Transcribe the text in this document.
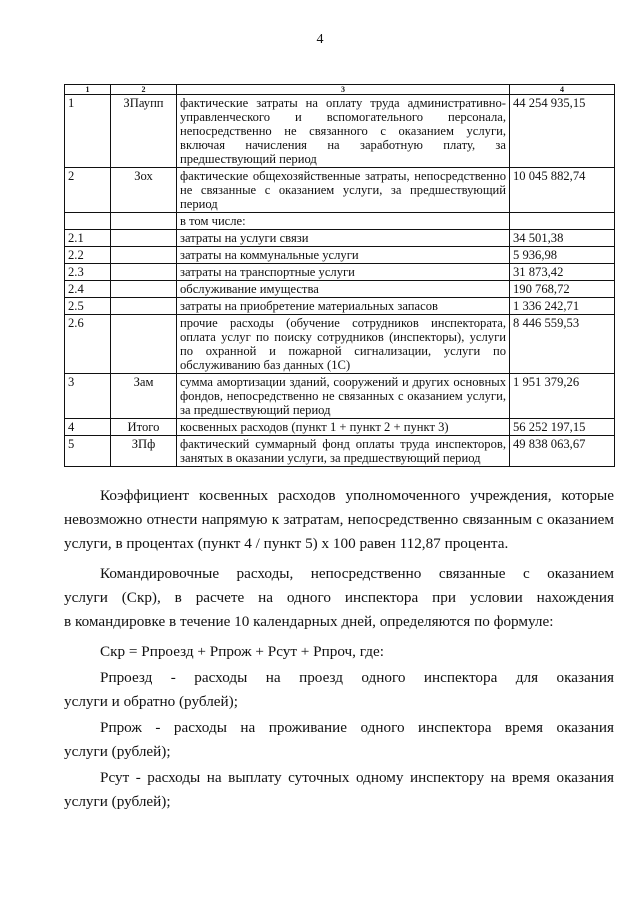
4
1	2	3	4
1	ЗПаупп	фактические затраты на оплату труда административно-управленческого и вспомогательного персонала, непосредственно не связанного с оказанием услуги, включая начисления на заработную плату, за предшествующий период	44 254 935,15
2	Зох	фактические общехозяйственные затраты, непосредственно не связанные с оказанием услуги, за предшествующий период	10 045 882,74
		в том числе:	
2.1		затраты на услуги связи	34 501,38
2.2		затраты на коммунальные услуги	5 936,98
2.3		затраты на транспортные услуги	31 873,42
2.4		обслуживание имущества	190 768,72
2.5		затраты на приобретение материальных запасов	1 336 242,71
2.6		прочие расходы (обучение сотрудников инспектората, оплата услуг по поиску сотрудников (инспекторы), услуги по охранной и пожарной сигнализации, услуги по обслуживанию баз данных (1С)	8 446 559,53
3	Зам	сумма амортизации зданий, сооружений и других основных фондов, непосредственно не связанных с оказанием услуги, за предшествующий период	1 951 379,26
4	Итого	косвенных расходов (пункт 1 + пункт 2 + пункт 3)	56 252 197,15
5	ЗПф	фактический суммарный фонд оплаты труда инспекторов, занятых в оказании услуги, за предшествующий период	49 838 063,67
Коэффициент косвенных расходов уполномоченного учреждения, которые
невозможно отнести напрямую к затратам, непосредственно связанным с оказанием
услуги, в процентах (пункт 4 / пункт 5) x 100 равен 112,87 процента.
Командировочные расходы, непосредственно связанные с оказанием
услуги (Скр), в расчете на одного инспектора при условии нахождения
в командировке в течение 10 календарных дней, определяются по формуле:
Скр = Рпроезд + Рпрож + Рсут + Рпроч, где:
Рпроезд - расходы на проезд одного инспектора для оказания
услуги и обратно (рублей);
Рпрож - расходы на проживание одного инспектора время оказания
услуги (рублей);
Рсут - расходы на выплату суточных одному инспектору на время оказания
услуги (рублей);
